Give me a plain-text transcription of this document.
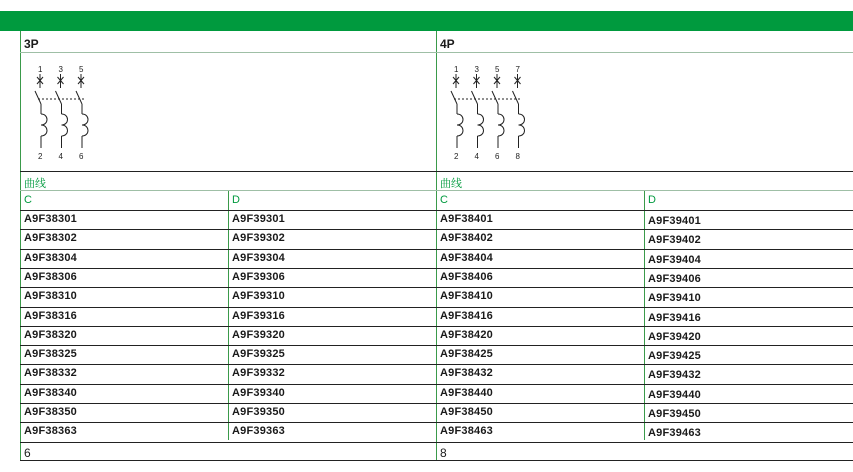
3P
1
2
3
4
5
6
曲线
C	D
A9F38301	A9F39301
A9F38302	A9F39302
A9F38304	A9F39304
A9F38306	A9F39306
A9F38310	A9F39310
A9F38316	A9F39316
A9F38320	A9F39320
A9F38325	A9F39325
A9F38332	A9F39332
A9F38340	A9F39340
A9F38350	A9F39350
A9F38363	A9F39363
6
4P
1
2
3
4
5
6
7
8
曲线
C	D
A9F38401	A9F39401
A9F38402	A9F39402
A9F38404	A9F39404
A9F38406	A9F39406
A9F38410	A9F39410
A9F38416	A9F39416
A9F38420	A9F39420
A9F38425	A9F39425
A9F38432	A9F39432
A9F38440	A9F39440
A9F38450	A9F39450
A9F38463	A9F39463
8
